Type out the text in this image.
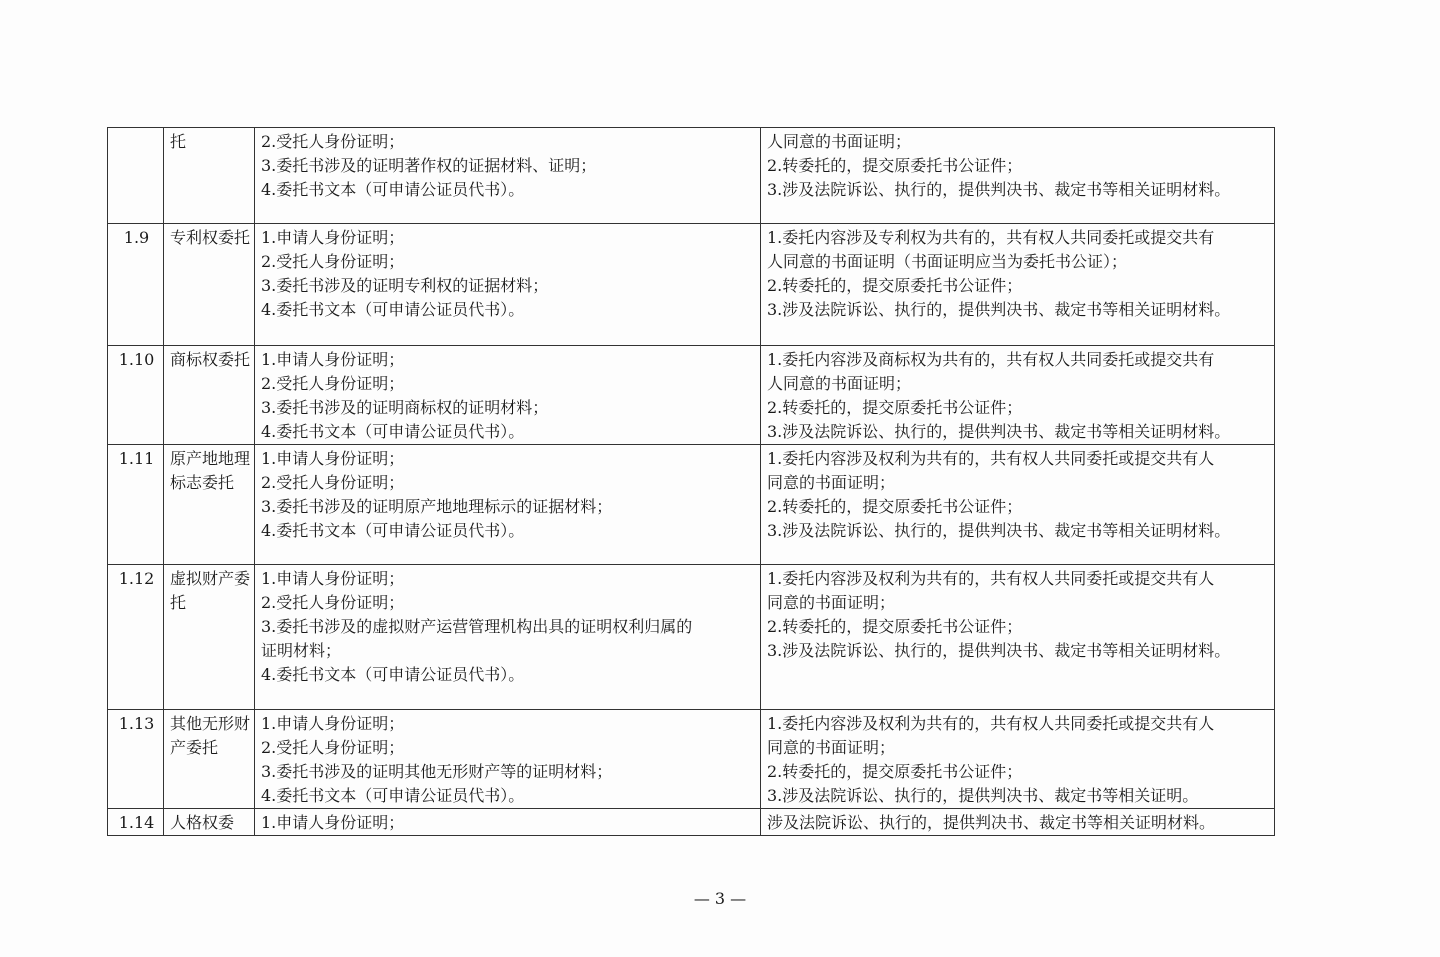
	托	2.受托人身份证明；
3.委托书涉及的证明著作权的证据材料、证明；
4.委托书文本（可申请公证员代书）。	人同意的书面证明；
2.转委托的，提交原委托书公证件；
3.涉及法院诉讼、执行的，提供判决书、裁定书等相关证明材料。

1.9	专利权委托	1.申请人身份证明；
2.受托人身份证明；
3.委托书涉及的证明专利权的证据材料；
4.委托书文本（可申请公证员代书）。	1.委托内容涉及专利权为共有的，共有权人共同委托或提交共有
人同意的书面证明（书面证明应当为委托书公证）；
2.转委托的，提交原委托书公证件；
3.涉及法院诉讼、执行的，提供判决书、裁定书等相关证明材料。

1.10	商标权委托	1.申请人身份证明；
2.受托人身份证明；
3.委托书涉及的证明商标权的证明材料；
4.委托书文本（可申请公证员代书）。	1.委托内容涉及商标权为共有的，共有权人共同委托或提交共有
人同意的书面证明；
2.转委托的，提交原委托书公证件；
3.涉及法院诉讼、执行的，提供判决书、裁定书等相关证明材料。

1.11	原产地地理标志委托	1.申请人身份证明；
2.受托人身份证明；
3.委托书涉及的证明原产地地理标示的证据材料；
4.委托书文本（可申请公证员代书）。	1.委托内容涉及权利为共有的，共有权人共同委托或提交共有人
同意的书面证明；
2.转委托的，提交原委托书公证件；
3.涉及法院诉讼、执行的，提供判决书、裁定书等相关证明材料。

1.12	虚拟财产委托	1.申请人身份证明；
2.受托人身份证明；
3.委托书涉及的虚拟财产运营管理机构出具的证明权利归属的
证明材料；
4.委托书文本（可申请公证员代书）。	1.委托内容涉及权利为共有的，共有权人共同委托或提交共有人
同意的书面证明；
2.转委托的，提交原委托书公证件；
3.涉及法院诉讼、执行的，提供判决书、裁定书等相关证明材料。

1.13	其他无形财产委托	1.申请人身份证明；
2.受托人身份证明；
3.委托书涉及的证明其他无形财产等的证明材料；
4.委托书文本（可申请公证员代书）。	1.委托内容涉及权利为共有的，共有权人共同委托或提交共有人
同意的书面证明；
2.转委托的，提交原委托书公证件；
3.涉及法院诉讼、执行的，提供判决书、裁定书等相关证明。

1.14	人格权委	1.申请人身份证明；	涉及法院诉讼、执行的，提供判决书、裁定书等相关证明材料。
— 3 —
